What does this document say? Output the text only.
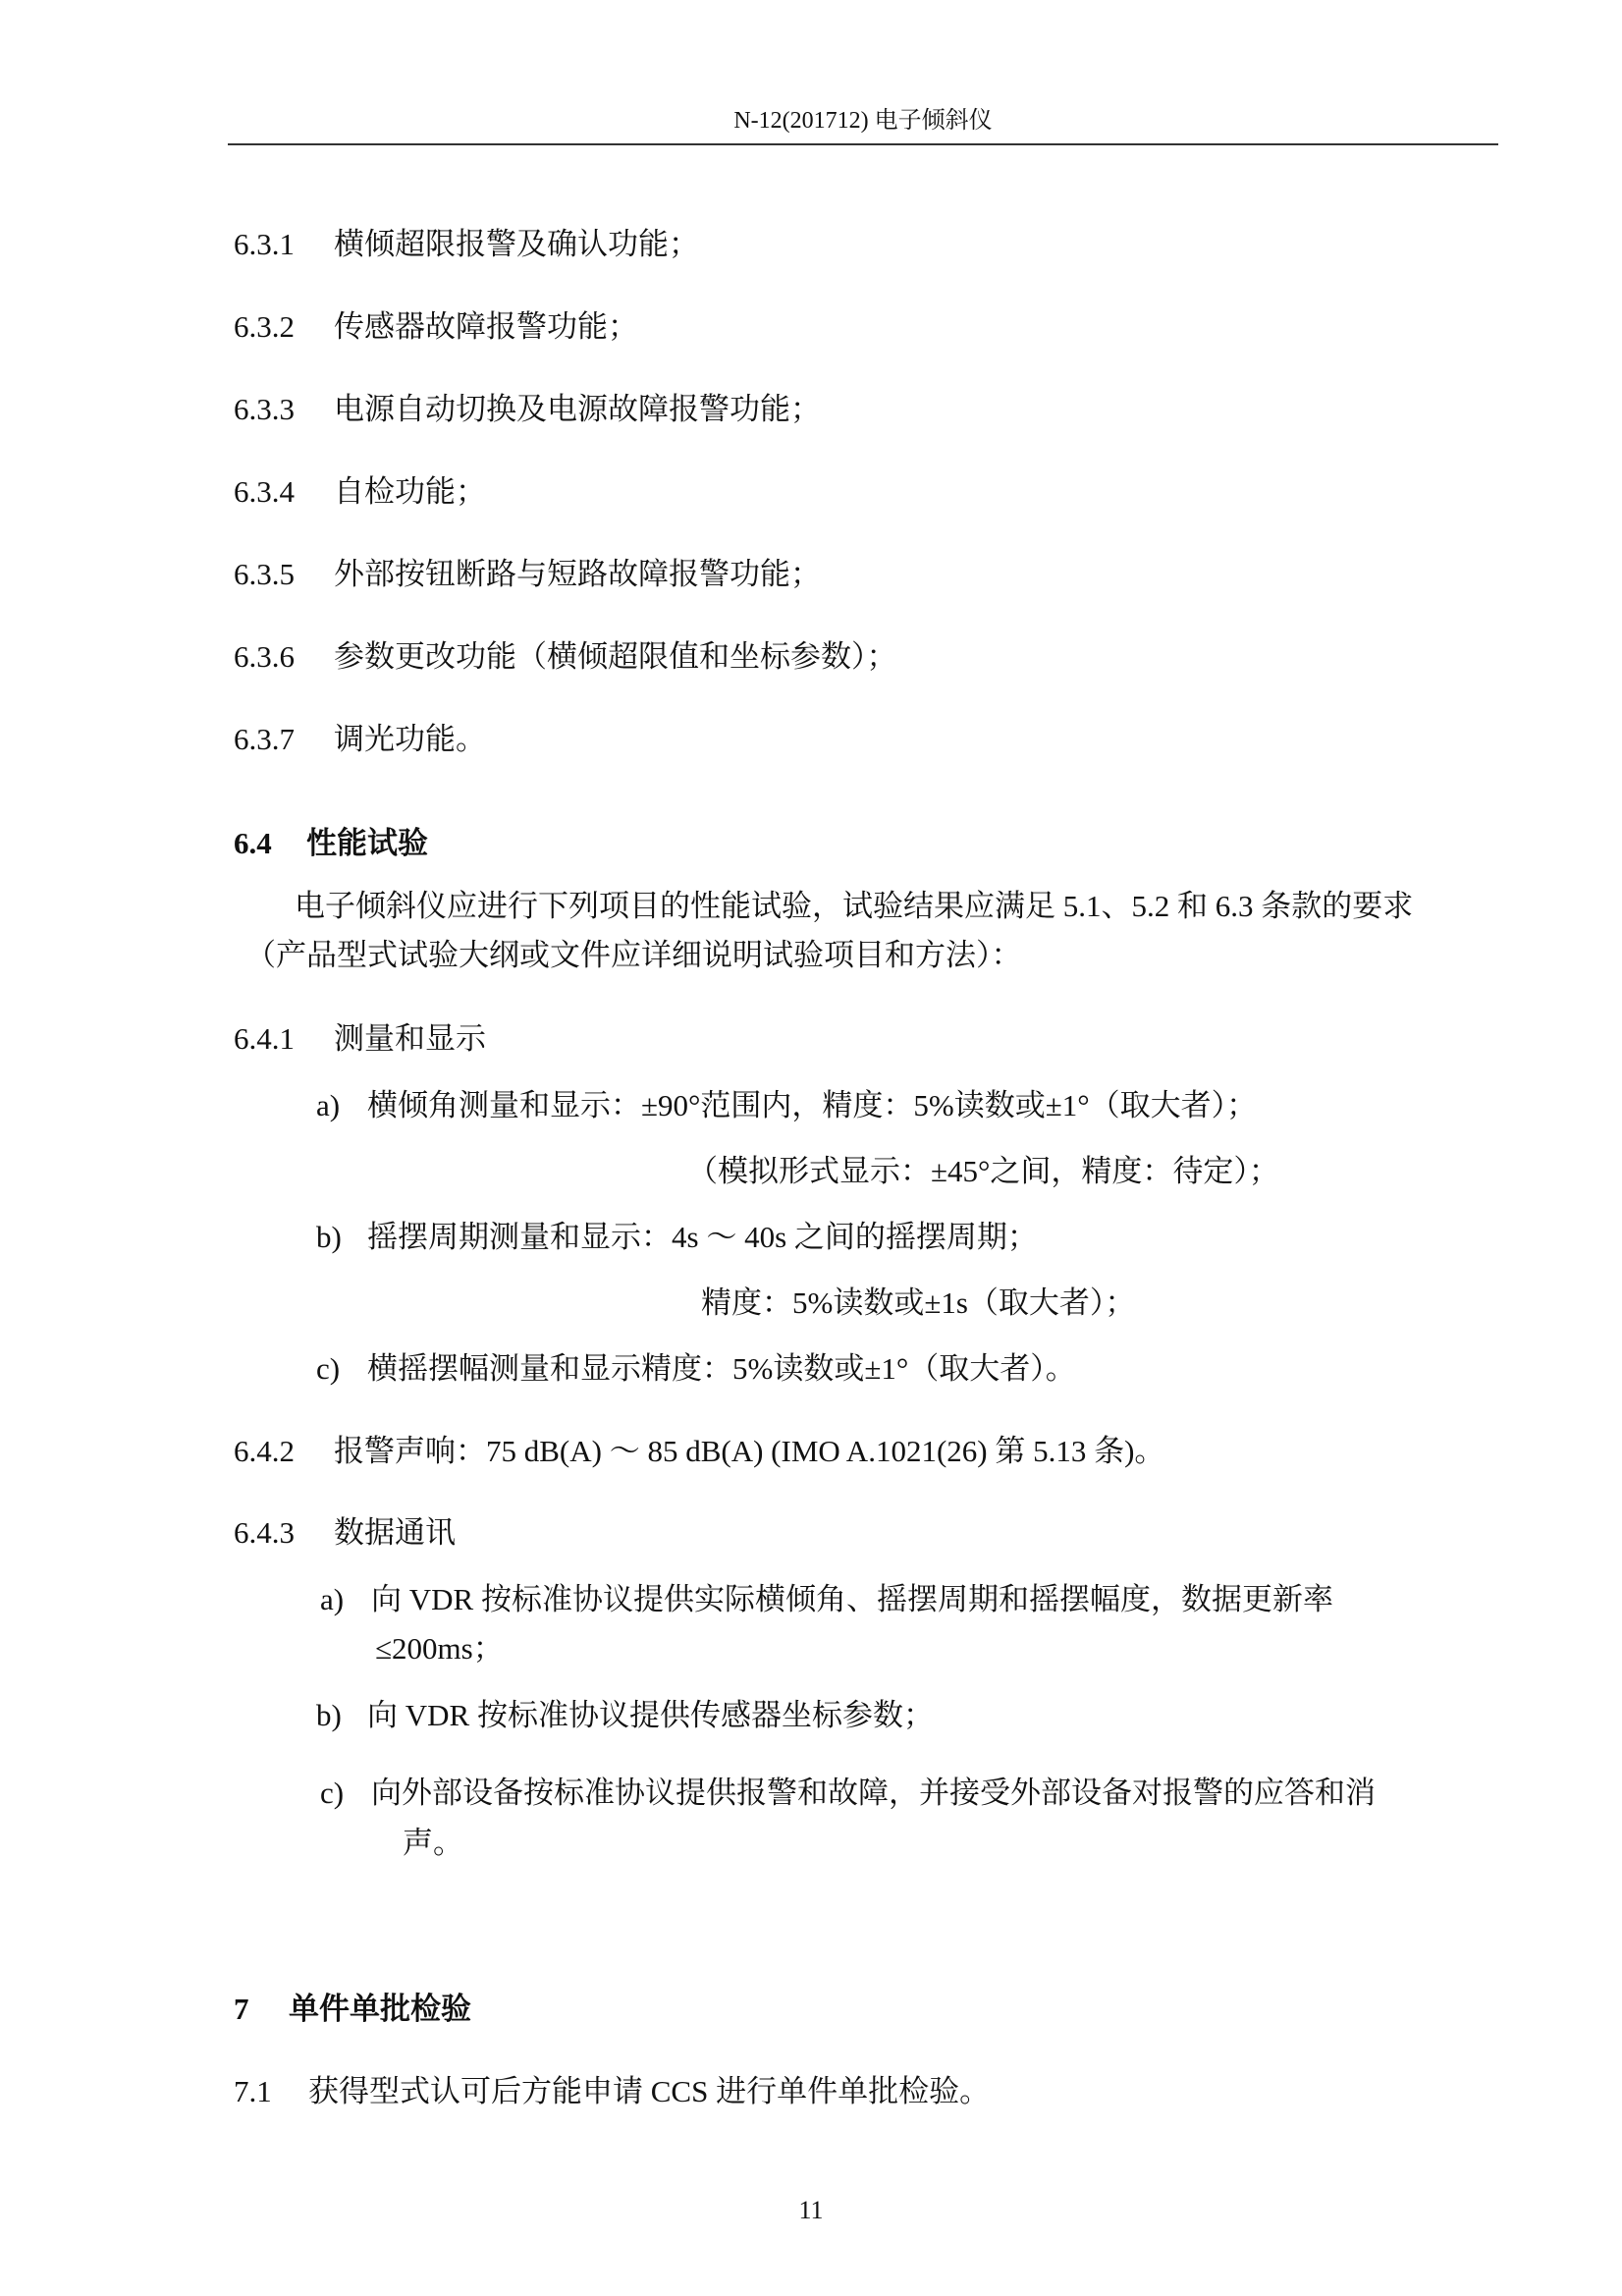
N-12(201712) 电子倾斜仪
6.3.1 横倾超限报警及确认功能；
6.3.2 传感器故障报警功能；
6.3.3 电源自动切换及电源故障报警功能；
6.3.4 自检功能；
6.3.5 外部按钮断路与短路故障报警功能；
6.3.6 参数更改功能（横倾超限值和坐标参数）；
6.3.7 调光功能。
6.4 性能试验
电子倾斜仪应进行下列项目的性能试验，试验结果应满足 5.1、5.2 和 6.3 条款的要求
（产品型式试验大纲或文件应详细说明试验项目和方法）：
6.4.1 测量和显示
a) 横倾角测量和显示：±90°范围内，精度：5%读数或±1°（取大者）；
（模拟形式显示：±45°之间，精度：待定）；
b) 摇摆周期测量和显示：4s ～ 40s 之间的摇摆周期；
精度：5%读数或±1s（取大者）；
c) 横摇摆幅测量和显示精度：5%读数或±1°（取大者）。
6.4.2 报警声响：75 dB(A) ～ 85 dB(A) (IMO A.1021(26) 第 5.13 条)。
6.4.3 数据通讯
a) 向 VDR 按标准协议提供实际横倾角、摇摆周期和摇摆幅度，数据更新率
≤200ms；
b) 向 VDR 按标准协议提供传感器坐标参数；
c) 向外部设备按标准协议提供报警和故障，并接受外部设备对报警的应答和消
声。
7 单件单批检验
7.1 获得型式认可后方能申请 CCS 进行单件单批检验。
11
